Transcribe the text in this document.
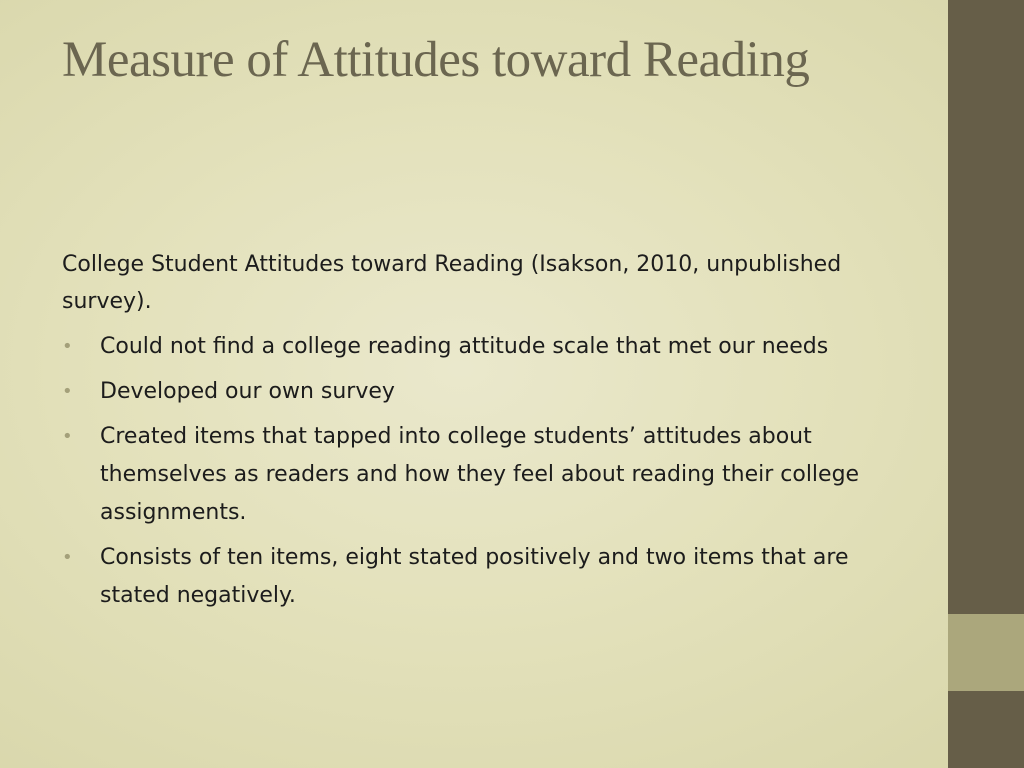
Measure of Attitudes toward Reading

College Student Attitudes toward Reading (Isakson, 2010, unpublished survey).

• Could not find a college reading attitude scale that met our needs
• Developed our own survey
• Created items that tapped into college students’ attitudes about themselves as readers and how they feel about reading their college assignments.
• Consists of ten items, eight stated positively and two items that are stated negatively.
